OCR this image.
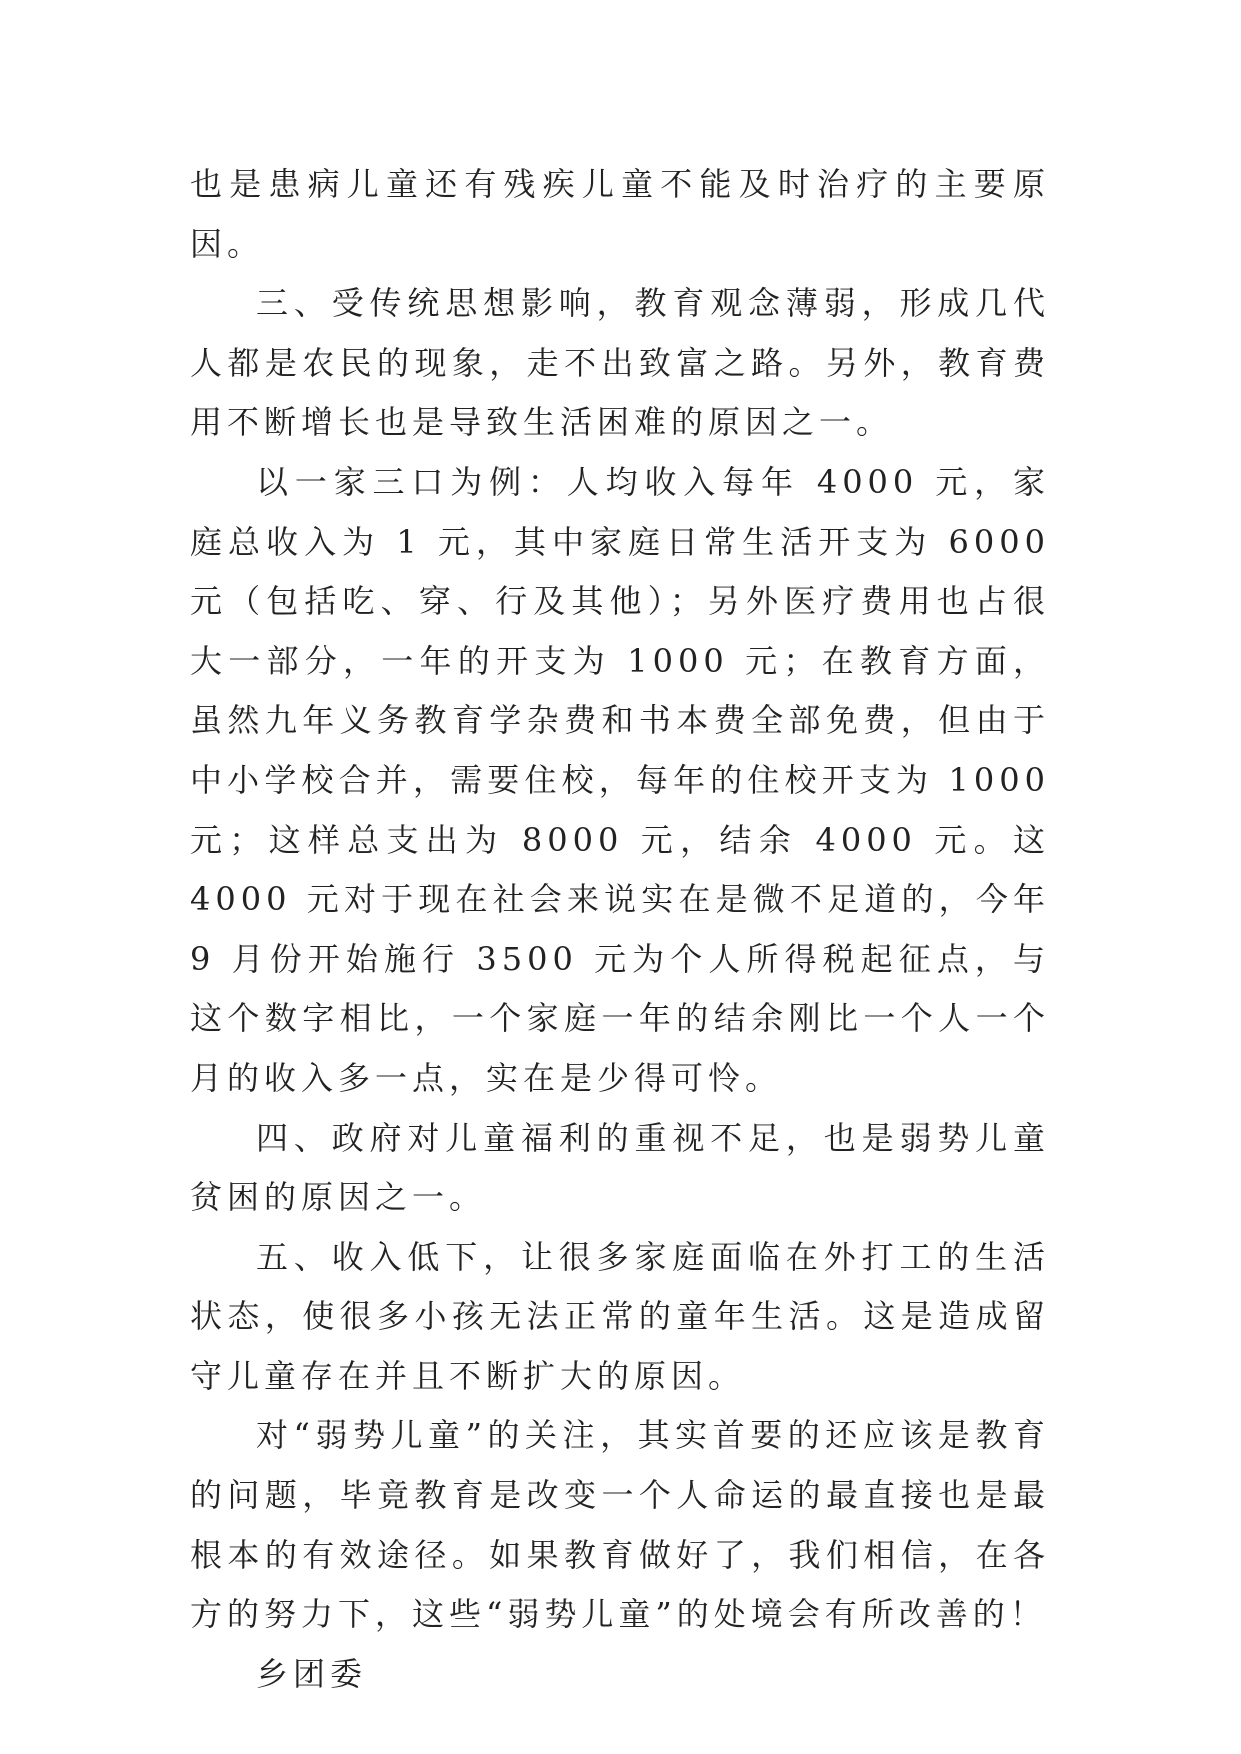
也是患病儿童还有残疾儿童不能及时治疗的主要原因。

三、受传统思想影响，教育观念薄弱，形成几代人都是农民的现象，走不出致富之路。另外，教育费用不断增长也是导致生活困难的原因之一。

以一家三口为例：人均收入每年 4000 元，家庭总收入为 1 元，其中家庭日常生活开支为 6000 元（包括吃、穿、行及其他）；另外医疗费用也占很大一部分，一年的开支为 1000 元；在教育方面，虽然九年义务教育学杂费和书本费全部免费，但由于中小学校合并，需要住校，每年的住校开支为 1000 元；这样总支出为 8000 元，结余 4000 元。这 4000 元对于现在社会来说实在是微不足道的，今年 9 月份开始施行 3500 元为个人所得税起征点，与这个数字相比，一个家庭一年的结余刚比一个人一个月的收入多一点，实在是少得可怜。

四、政府对儿童福利的重视不足，也是弱势儿童贫困的原因之一。

五、收入低下，让很多家庭面临在外打工的生活状态，使很多小孩无法正常的童年生活。这是造成留守儿童存在并且不断扩大的原因。

对“弱势儿童”的关注，其实首要的还应该是教育的问题，毕竟教育是改变一个人命运的最直接也是最根本的有效途径。如果教育做好了，我们相信，在各方的努力下，这些“弱势儿童”的处境会有所改善的！

乡团委
